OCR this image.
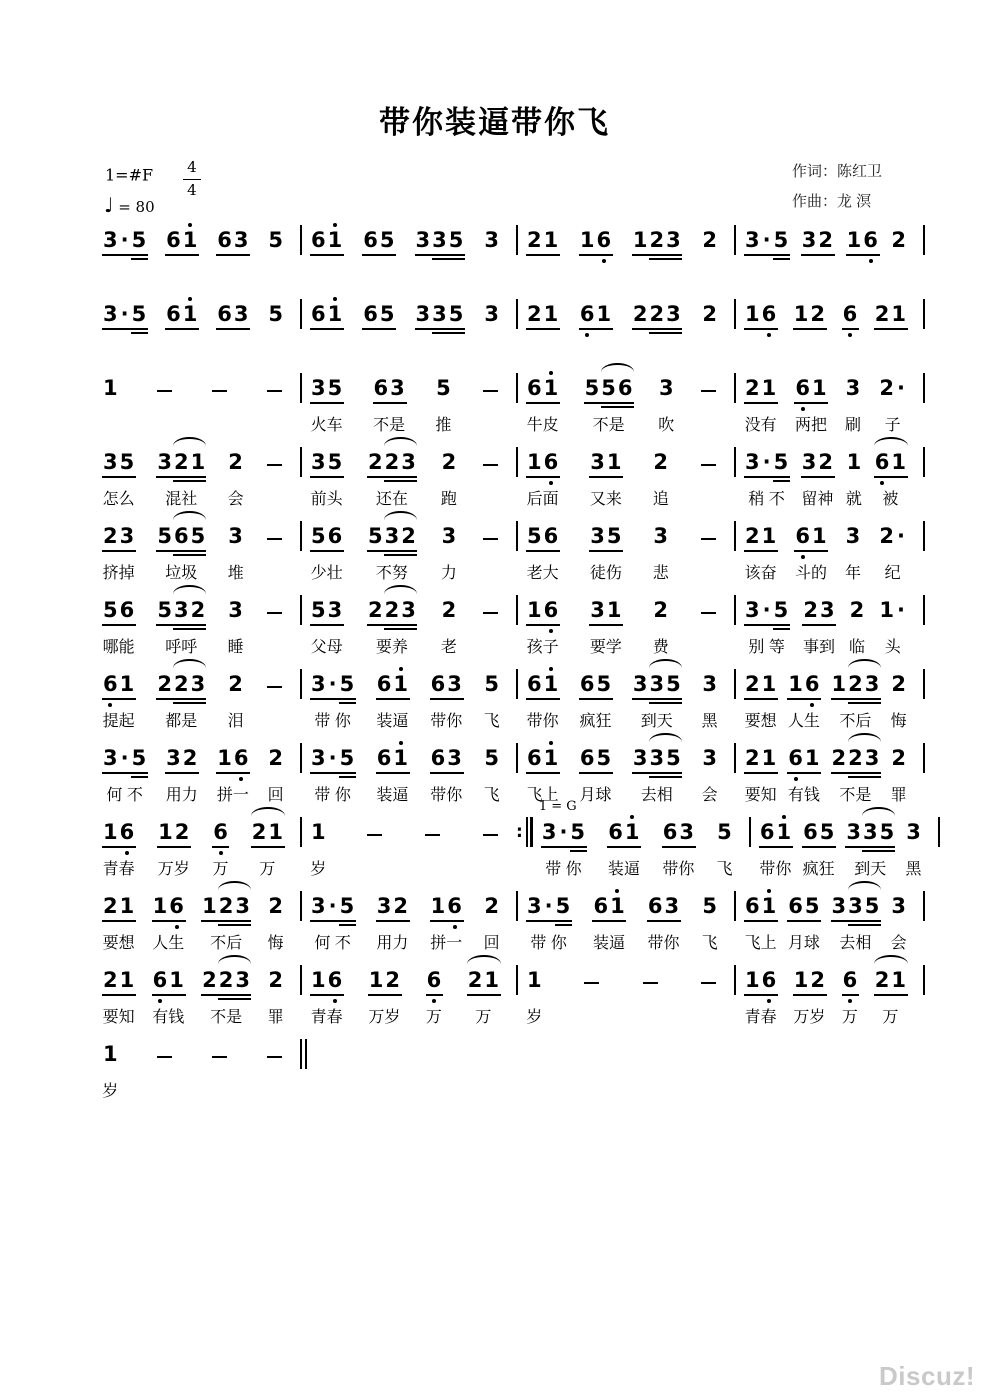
带你装逼带你飞
作词：陈红卫
作曲：龙 溟
1=#F $\frac{4}{4}$
♩ = 80
3 · 5 6 1 6 3 5 6 1 6 5 3 3 5 3 2 1 1 6 1 2 3 2 3 · 5 3 2 1 6 2
3 · 5 6 1 6 3 5 6 1 6 5 3 3 5 3 2 1 6 1 2 2 3 2 1 6 1 2 6 2 1
1	3 5
火车
6 3
不是
5
推
6 1
牛皮
5 5 6
不是
3
吹
2 1
没有
6 1
两把
3
刷
2 ·
子
3 5
怎么
3 2 1
混社
2
会
3 5
前头
2 2 3
还在
2
跑
1 6
后面
3 1
又来
2
追
3 · 5
稍 不
3 2
留神
1
就
6 1
被
2 3
挤掉
5 6 5
垃圾
3
堆
5 6
少壮
5 3 2
不努
3
力
5 6
老大
3 5
徒伤
3
悲
2 1
该奋
6 1
斗的
3
年
2 ·
纪
5 6
哪能
5 3 2
呼呼
3
睡
5 3
父母
2 2 3
要养
2
老
1 6
孩子
3 1
要学
2
费
3 · 5
别 等
2 3
事到
2
临
1 ·
头
6 1
提起
2 2 3
都是
2
泪
3 · 5
带 你
6 1
装逼
6 3
带你
5
飞
6 1
带你
6 5
疯狂
3 3 5
到天
3
黑
2 1
要想
1 6
人生
1 2 3
不后
2
悔
3 · 5
何 不
3 2
用力
1 6
拼一
2
回
3 · 5
带 你
6 1
装逼
6 3
带你
5
飞
6 1
飞上
6 5
月球
3 3 5
去相
3
会
2 1
要知
6 1
有钱
2 2 3
不是
2
罪
1 6
青春
1 2
万岁
6
万
2 1
万
1
岁
:
1 = G
3 · 5
带 你
6 1
装逼
6 3
带你
5
飞
6 1
带你
6 5
疯狂
3 3 5
到天
3
黑
2 1
要想
1 6
人生
1 2 3
不后
2
悔
3 · 5
何 不
3 2
用力
1 6
拼一
2
回
3 · 5
带 你
6 1
装逼
6 3
带你
5
飞
6 1
飞上
6 5
月球
3 3 5
去相
3
会
2 1
要知
6 1
有钱
2 2 3
不是
2
罪
1 6
青春
1 2
万岁
6
万
2 1
万
1
岁
1 6
青春
1 2
万岁
6
万
2 1
万
1
岁
Discuz!
